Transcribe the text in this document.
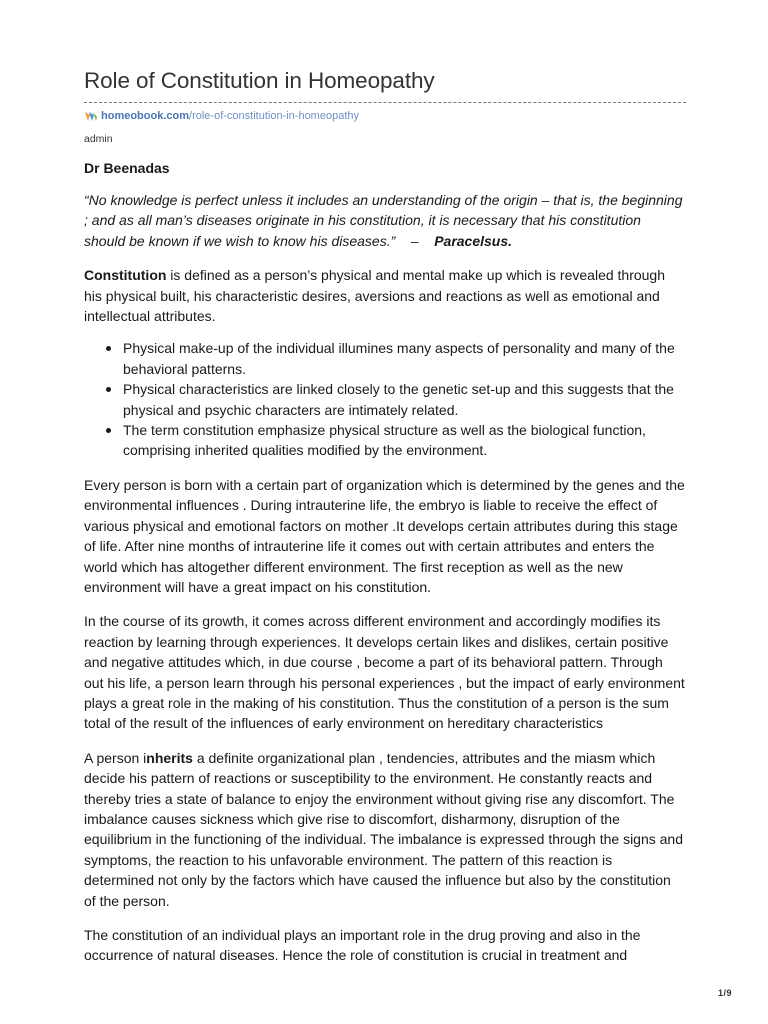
Role of Constitution in Homeopathy
homeobook.com /role-of-constitution-in-homeopathy
admin
Dr Beenadas

“No knowledge is perfect unless it includes an understanding of the origin – that is, the beginning ; and as all man’s diseases originate in his constitution, it is necessary that his constitution should be known if we wish to know his diseases.” – Paracelsus.

Constitution is defined as a person’s physical and mental make up which is revealed through his physical built, his characteristic desires, aversions and reactions as well as emotional and intellectual attributes.

Physical make-up of the individual illumines many aspects of personality and many of the behavioral patterns.
Physical characteristics are linked closely to the genetic set-up and this suggests that the physical and psychic characters are intimately related.
The term constitution emphasize physical structure as well as the biological function, comprising inherited qualities modified by the environment.

Every person is born with a certain part of organization which is determined by the genes and the environmental influences . During intrauterine life, the embryo is liable to receive the effect of various physical and emotional factors on mother .It develops certain attributes during this stage of life. After nine months of intrauterine life it comes out with certain attributes and enters the world which has altogether different environment. The first reception as well as the new environment will have a great impact on his constitution.

In the course of its growth, it comes across different environment and accordingly modifies its reaction by learning through experiences. It develops certain likes and dislikes, certain positive and negative attitudes which, in due course , become a part of its behavioral pattern. Through out his life, a person learn through his personal experiences , but the impact of early environment plays a great role in the making of his constitution. Thus the constitution of a person is the sum total of the result of the influences of early environment on hereditary characteristics

A person inherits a definite organizational plan , tendencies, attributes and the miasm which decide his pattern of reactions or susceptibility to the environment. He constantly reacts and thereby tries a state of balance to enjoy the environment without giving rise any discomfort. The imbalance causes sickness which give rise to discomfort, disharmony, disruption of the equilibrium in the functioning of the individual. The imbalance is expressed through the signs and symptoms, the reaction to his unfavorable environment. The pattern of this reaction is determined not only by the factors which have caused the influence but also by the constitution of the person.

The constitution of an individual plays an important role in the drug proving and also in the occurrence of natural diseases. Hence the role of constitution is crucial in treatment and

1/9
